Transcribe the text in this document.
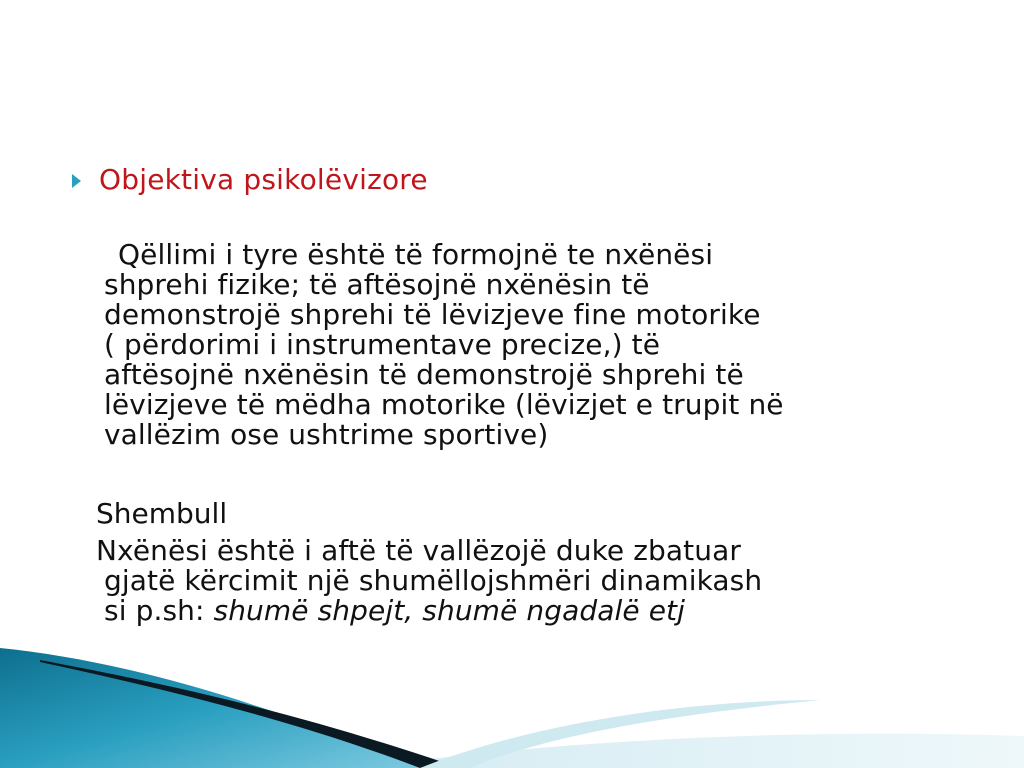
Objektiva psikolëvizore
Qëllimi i tyre është të formojnë te nxënësi
shprehi fizike; të aftësojnë nxënësin të
demonstrojë shprehi të lëvizjeve fine motorike
( përdorimi i instrumentave precize,) të
aftësojnë nxënësin të demonstrojë shprehi të
lëvizjeve të mëdha motorike (lëvizjet e trupit në
vallëzim ose ushtrime sportive)
Shembull
Nxënësi është i aftë të vallëzojë duke zbatuar
gjatë kërcimit një shumëllojshmëri dinamikash
si p.sh: shumë shpejt, shumë ngadalë etj
